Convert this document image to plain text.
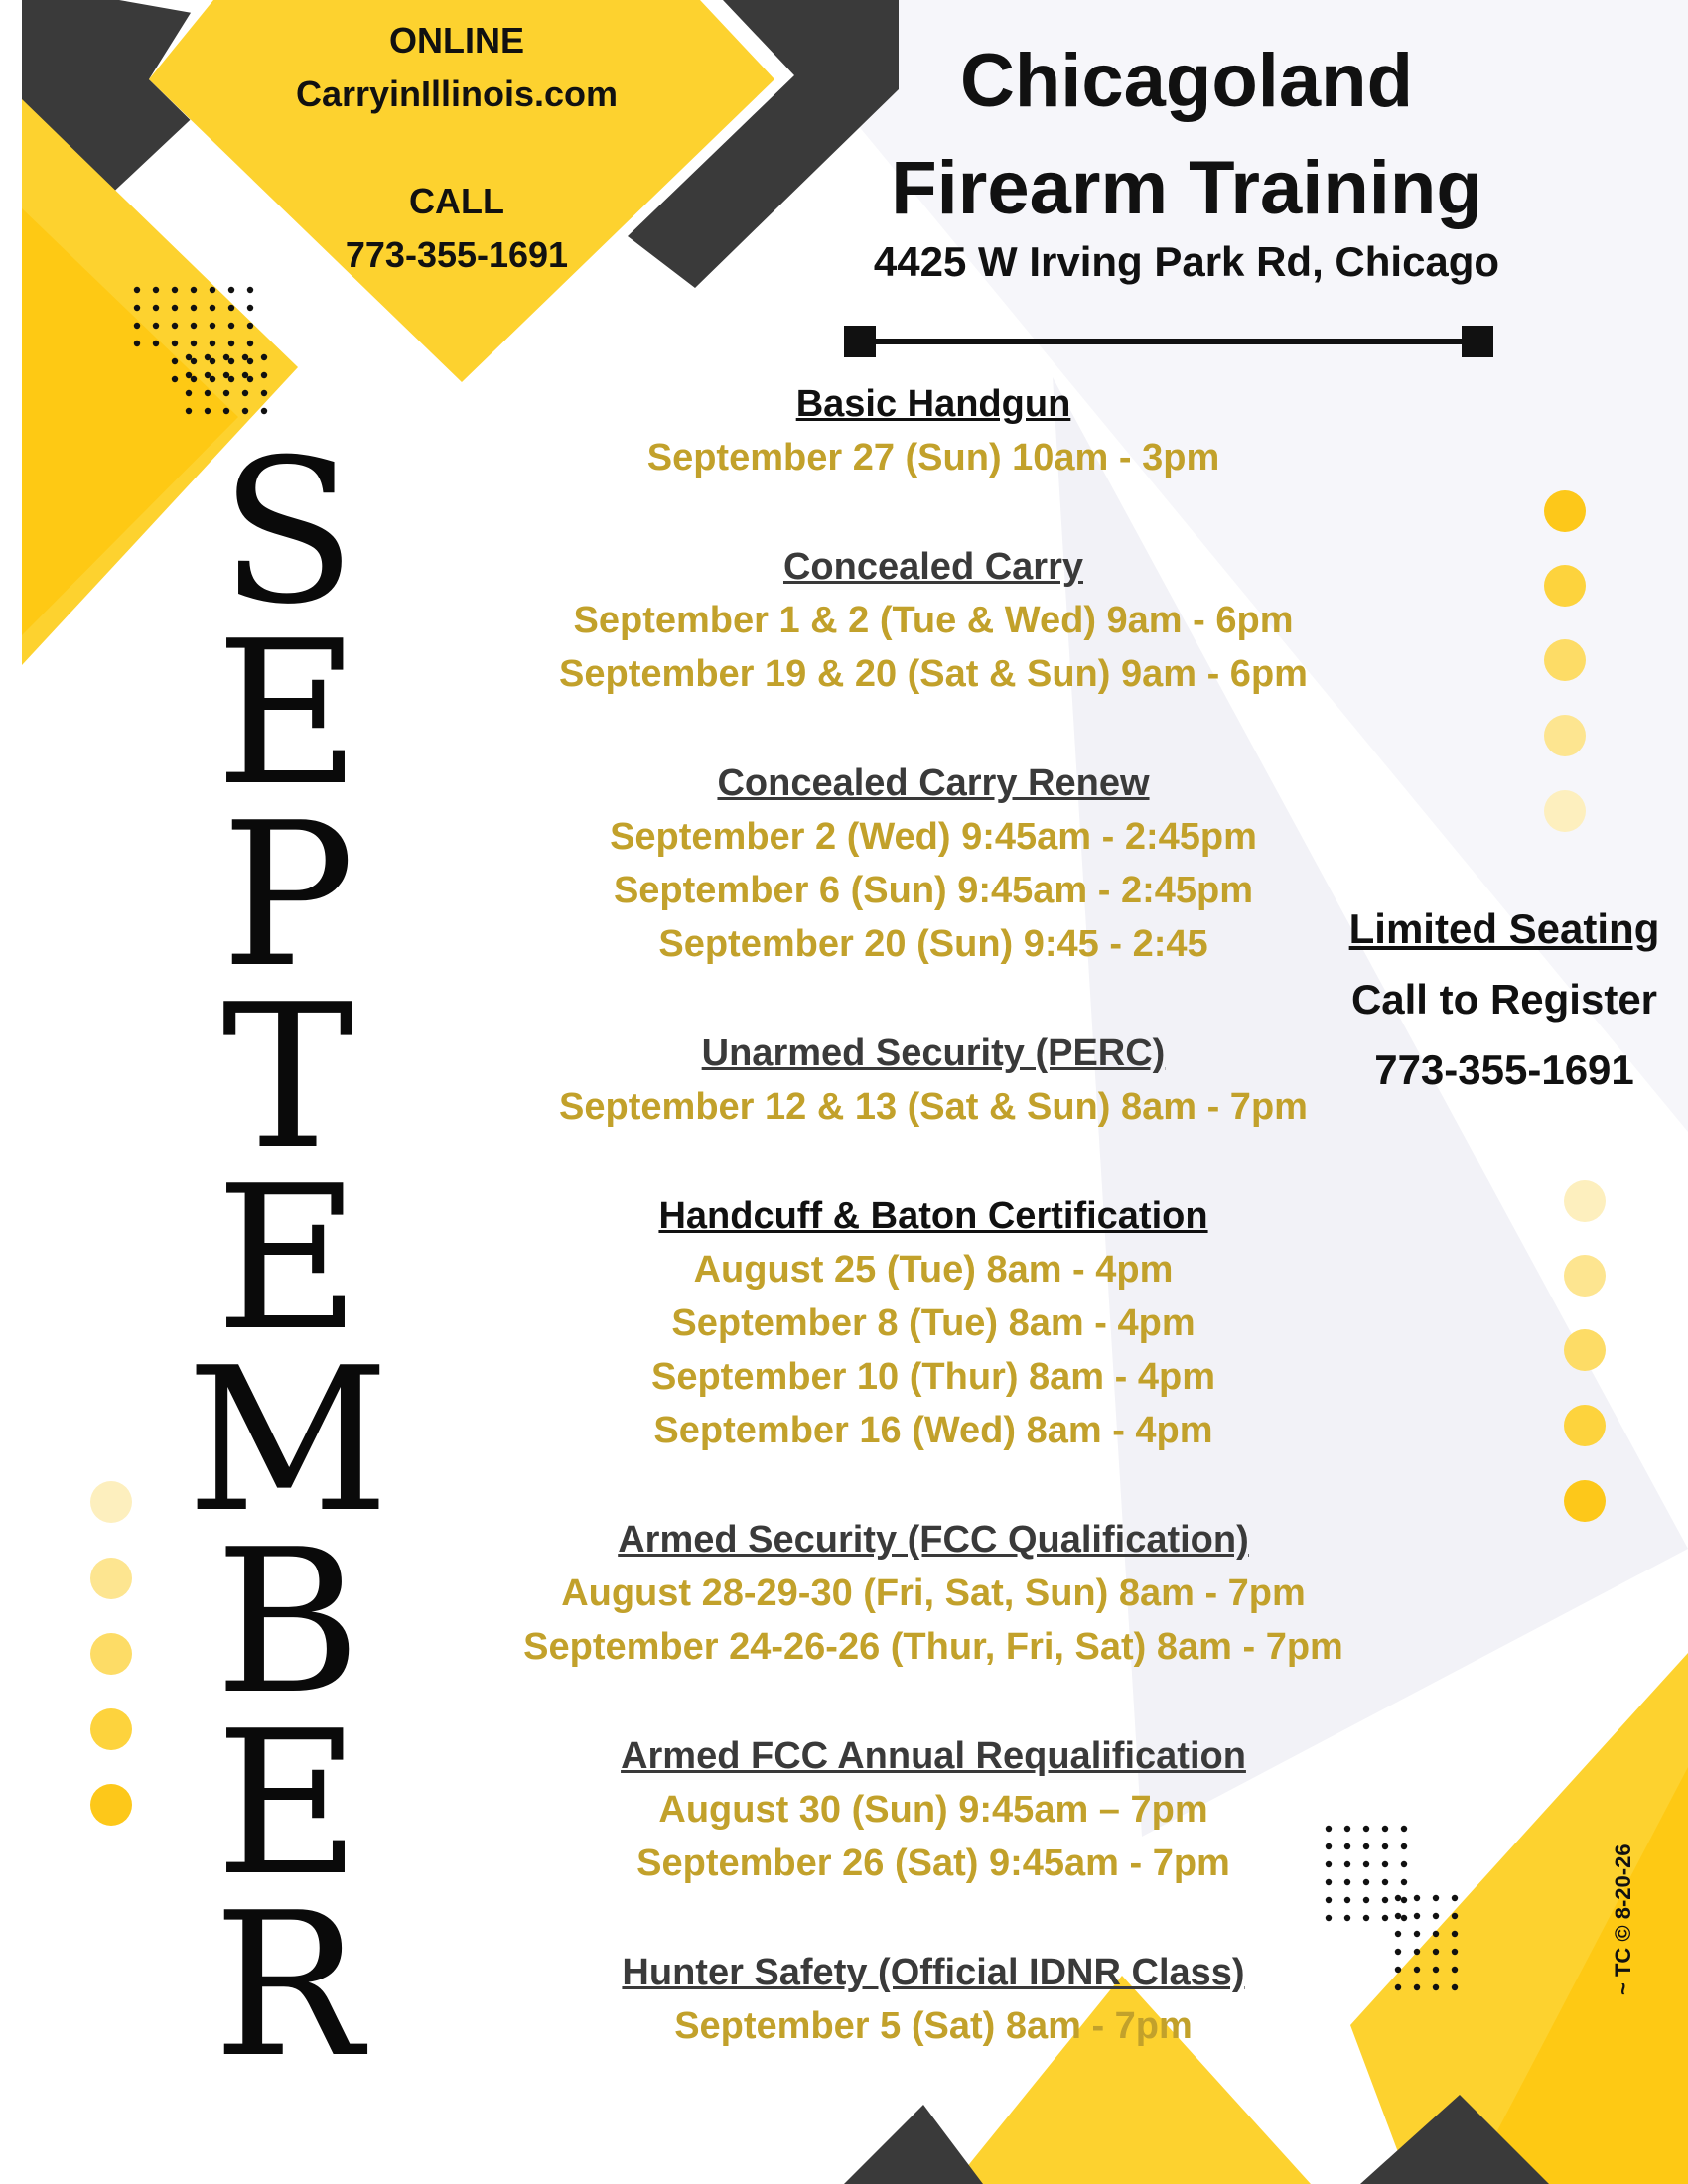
ONLINE
CarryinIllinois.com
CALL
773-355-1691
Chicagoland
Firearm Training
4425 W Irving Park Rd, Chicago
S
E
P
T
E
M
B
E
R
Basic Handgun
September 27 (Sun) 10am - 3pm
Concealed Carry
September 1 & 2 (Tue & Wed) 9am - 6pm
September 19 & 20 (Sat & Sun) 9am - 6pm
Concealed Carry Renew
September 2 (Wed) 9:45am - 2:45pm
September 6 (Sun) 9:45am - 2:45pm
September 20 (Sun) 9:45 - 2:45
Unarmed Security (PERC)
September 12 & 13 (Sat & Sun) 8am - 7pm
Handcuff & Baton Certification
August 25 (Tue) 8am - 4pm
September 8 (Tue) 8am - 4pm
September 10 (Thur) 8am - 4pm
September 16 (Wed) 8am - 4pm
Armed Security (FCC Qualification)
August 28-29-30 (Fri, Sat, Sun) 8am - 7pm
September 24-26-26 (Thur, Fri, Sat) 8am - 7pm
Armed FCC Annual Requalification
August 30 (Sun) 9:45am – 7pm
September 26 (Sat) 9:45am - 7pm
Hunter Safety (Official IDNR Class)
September 5 (Sat) 8am - 7pm
Limited Seating
Call to Register
773-355-1691
~ TC © 8-20-26
